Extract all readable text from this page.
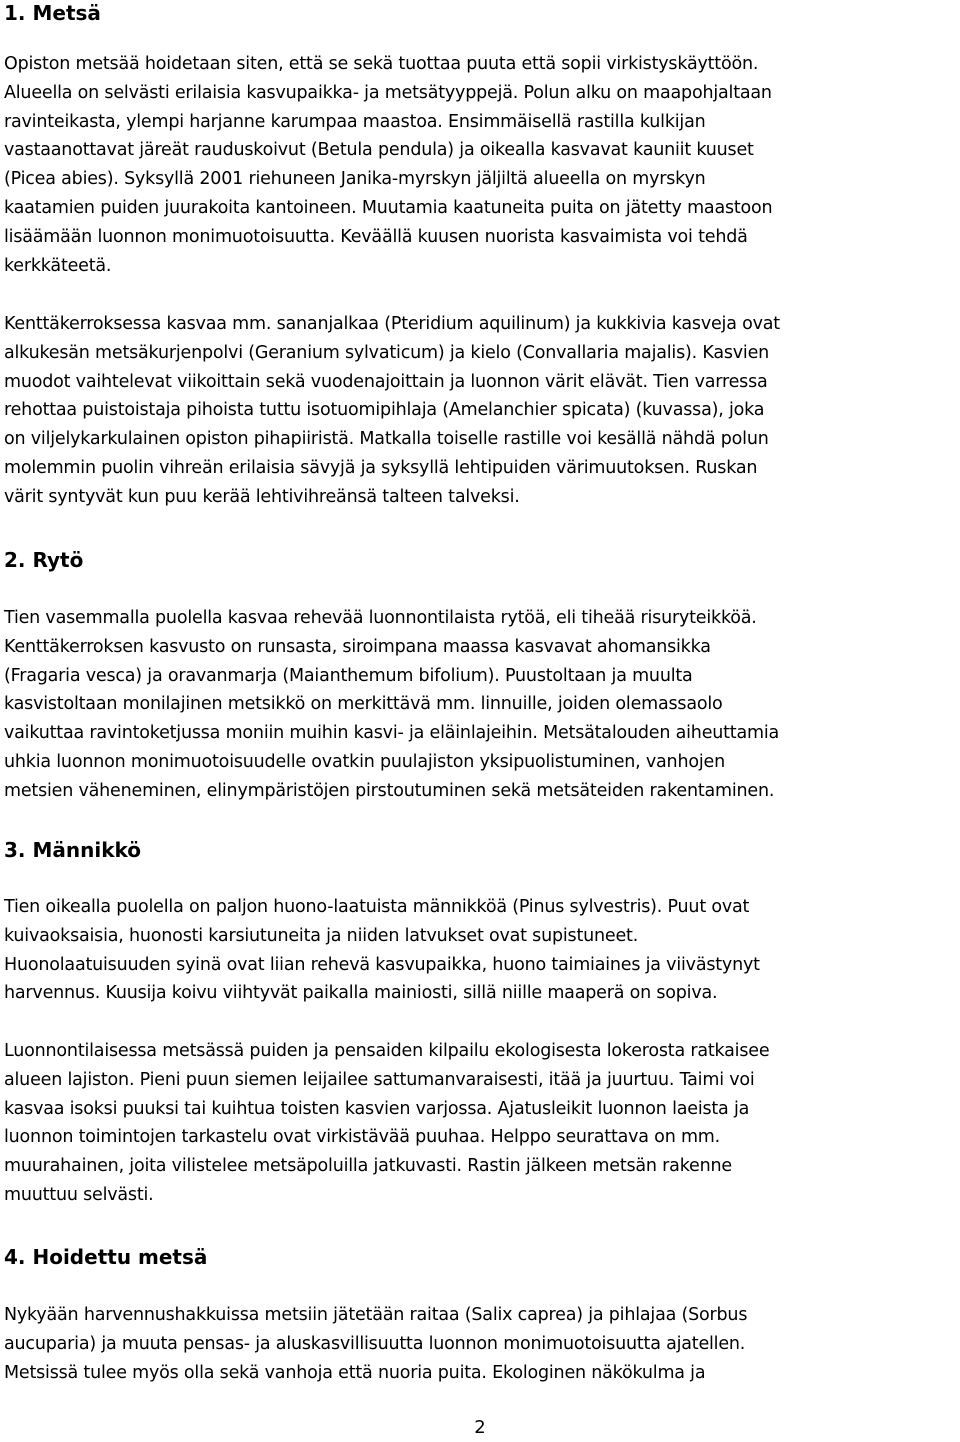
1. Metsä

Opiston metsää hoidetaan siten, että se sekä tuottaa puuta että sopii virkistyskäyttöön.
Alueella on selvästi erilaisia kasvupaikka- ja metsätyyppejä. Polun alku on maapohjaltaan
ravinteikasta, ylempi harjanne karumpaa maastoa. Ensimmäisellä rastilla kulkijan
vastaanottavat järeät rauduskoivut (Betula pendula) ja oikealla kasvavat kauniit kuuset
(Picea abies). Syksyllä 2001 riehuneen Janika-myrskyn jäljiltä alueella on myrskyn
kaatamien puiden juurakoita kantoineen. Muutamia kaatuneita puita on jätetty maastoon
lisäämään luonnon monimuotoisuutta. Keväällä kuusen nuorista kasvaimista voi tehdä
kerkkäteetä.

Kenttäkerroksessa kasvaa mm. sananjalkaa (Pteridium aquilinum) ja kukkivia kasveja ovat
alkukesän metsäkurjenpolvi (Geranium sylvaticum) ja kielo (Convallaria majalis). Kasvien
muodot vaihtelevat viikoittain sekä vuodenajoittain ja luonnon värit elävät. Tien varressa
rehottaa puistoistaja pihoista tuttu isotuomipihlaja (Amelanchier spicata) (kuvassa), joka
on viljelykarkulainen opiston pihapiiristä. Matkalla toiselle rastille voi kesällä nähdä polun
molemmin puolin vihreän erilaisia sävyjä ja syksyllä lehtipuiden värimuutoksen. Ruskan
värit syntyvät kun puu kerää lehtivihreänsä talteen talveksi.

2. Rytö

Tien vasemmalla puolella kasvaa rehevää luonnontilaista rytöä, eli tiheää risuryteikköä.
Kenttäkerroksen kasvusto on runsasta, siroimpana maassa kasvavat ahomansikka
(Fragaria vesca) ja oravanmarja (Maianthemum bifolium). Puustoltaan ja muulta
kasvistoltaan monilajinen metsikkö on merkittävä mm. linnuille, joiden olemassaolo
vaikuttaa ravintoketjussa moniin muihin kasvi- ja eläinlajeihin. Metsätalouden aiheuttamia
uhkia luonnon monimuotoisuudelle ovatkin puulajiston yksipuolistuminen, vanhojen
metsien väheneminen, elinympäristöjen pirstoutuminen sekä metsäteiden rakentaminen.

3. Männikkö

Tien oikealla puolella on paljon huono-laatuista männikköä (Pinus sylvestris). Puut ovat
kuivaoksaisia, huonosti karsiutuneita ja niiden latvukset ovat supistuneet.
Huonolaatuisuuden syinä ovat liian rehevä kasvupaikka, huono taimiaines ja viivästynyt
harvennus. Kuusija koivu viihtyvät paikalla mainiosti, sillä niille maaperä on sopiva.

Luonnontilaisessa metsässä puiden ja pensaiden kilpailu ekologisesta lokerosta ratkaisee
alueen lajiston. Pieni puun siemen leijailee sattumanvaraisesti, itää ja juurtuu. Taimi voi
kasvaa isoksi puuksi tai kuihtua toisten kasvien varjossa. Ajatusleikit luonnon laeista ja
luonnon toimintojen tarkastelu ovat virkistävää puuhaa. Helppo seurattava on mm.
muurahainen, joita vilistelee metsäpoluilla jatkuvasti. Rastin jälkeen metsän rakenne
muuttuu selvästi.

4. Hoidettu metsä

Nykyään harvennushakkuissa metsiin jätetään raitaa (Salix caprea) ja pihlajaa (Sorbus
aucuparia) ja muuta pensas- ja aluskasvillisuutta luonnon monimuotoisuutta ajatellen.
Metsissä tulee myös olla sekä vanhoja että nuoria puita. Ekologinen näkökulma ja

2
